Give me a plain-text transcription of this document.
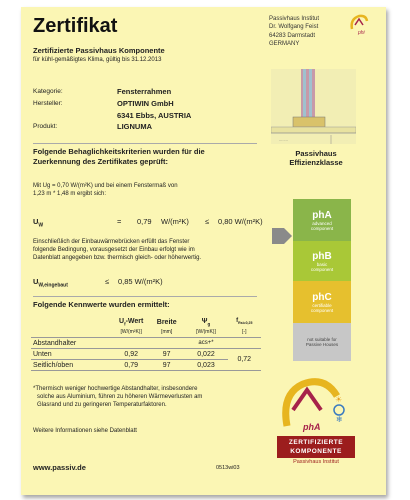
Zertifikat
Zertifizierte Passivhaus Komponente
für kühl-gemäßigtes Klima, gültig bis 31.12.2013
Passivhaus Institut
Dr. Wolfgang Feist
64283 Darmstadt
GERMANY
phi
........
Kategorie:	Fensterrahmen
Hersteller:	OPTIWIN GmbH
6341 Ebbs, AUSTRIA
Produkt:	LIGNUMA
Folgende Behaglichkeitskriterien wurden für die
Zuerkennung des Zertifikates geprüft:
Mit Ug = 0,70 W/(m²K) und bei einem Fenstermaß von
1,23 m * 1,48 m ergibt sich:
$U_W$	= 0,79 W/(m²K) ≤ 0,80 W/(m²K)
Einschließlich der Einbauwärmebrücken erfüllt das Fenster
folgende Bedingung, vorausgesetzt der Einbau erfolgt wie im
Datenblatt angegeben bzw. thermisch gleich- oder höherwertig.
$U_{W,eingebaut}$	≤ 0,85 W/(m²K)
Folgende Kennwerte wurden ermittelt:
	$U_f$-Wert	Breite	$\Psi_g$	$f_{Rsi=0,25}$
	[W/(m²K)]	[mm]	[W/(mK)]	[-]
Abstandhalter			acs+*	
Unten	0,92	97	0,022	0,72
Seitlich/oben	0,79	97	0,023	
*Thermisch weniger hochwertige Abstandhalter, insbesondere
solche aus Aluminium, führen zu höheren Wärmeverlusten am
Glasrand und zu geringeren Temperaturfaktoren.
Weitere Informationen siehe Datenblatt
Passivhaus
Effizienzklasse
phA
advanced
component
phB
basic
component
phC
certifiable
component
not suitable for
Passive Houses
☀
❄
phA
ZERTIFIZIERTE
KOMPONENTE
Passivhaus Institut
www.passiv.de	0513wi03
